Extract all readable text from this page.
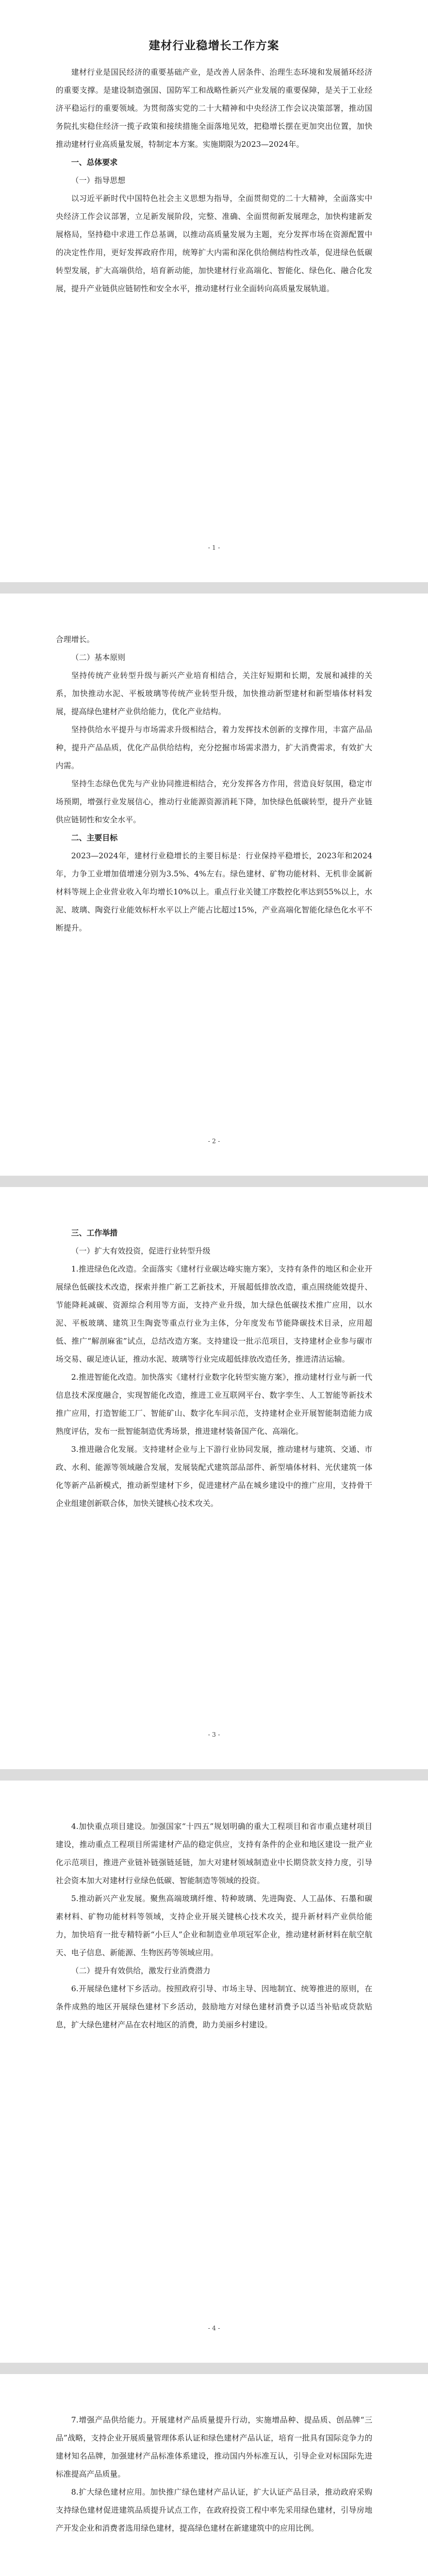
建材行业稳增长工作方案

建材行业是国民经济的重要基础产业，是改善人居条件、治理生态环境和发展循环经济的重要支撑。是建设制造强国、国防军工和战略性新兴产业发展的重要保障，是关于工业经济平稳运行的重要领域。为贯彻落实党的二十大精神和中央经济工作会议决策部署，推动国务院扎实稳住经济一揽子政策和接续措施全面落地见效，把稳增长摆在更加突出位置，加快推动建材行业高质量发展，特制定本方案。实施期限为2023—2024年。

一、总体要求
（一）指导思想

以习近平新时代中国特色社会主义思想为指导，全面贯彻党的二十大精神，全面落实中央经济工作会议部署，立足新发展阶段，完整、准确、全面贯彻新发展理念，加快构建新发展格局，坚持稳中求进工作总基调，以推动高质量发展为主题，充分发挥市场在资源配置中的决定性作用，更好发挥政府作用，统筹扩大内需和深化供给侧结构性改革，促进绿色低碳转型发展，扩大高端供给，培育新动能，加快建材行业高端化、智能化、绿色化、融合化发展，提升产业链供应链韧性和安全水平，推动建材行业全面转向高质量发展轨道。

- 1 -

合理增长。

（二）基本原则

坚持传统产业转型升级与新兴产业培育相结合，关注好短期和长期，发展和减排的关系，加快推动水泥、平板玻璃等传统产业转型升级，加快推动新型建材和新型墙体材料发展，提高绿色建材产业供给能力，优化产业结构。

坚持供给水平提升与市场需求升级相结合，着力发挥技术创新的支撑作用，丰富产品品种，提升产品品质，优化产品供给结构，充分挖掘市场需求潜力，扩大消费需求，有效扩大内需。

坚持生态绿色优先与产业协同推进相结合，充分发挥各方作用，营造良好氛围，稳定市场预期，增强行业发展信心，推动行业能源资源消耗下降，加快绿色低碳转型，提升产业链供应链韧性和安全水平。

二、主要目标

2023—2024年，建材行业稳增长的主要目标是：行业保持平稳增长，2023年和2024年，力争工业增加值增速分别为3.5%、4%左右。绿色建材、矿物功能材料、无机非金属新材料等规上企业营业收入年均增长10%以上。重点行业关键工序数控化率达到55%以上，水泥、玻璃、陶瓷行业能效标杆水平以上产能占比超过15%，产业高端化智能化绿色化水平不断提升。

- 2 -
三、工作举措
（一）扩大有效投资，促进行业转型升级

1.推进绿色化改造。全面落实《建材行业碳达峰实施方案》，支持有条件的地区和企业开展绿色低碳技术改造，探索并推广新工艺新技术，开展超低排放改造，重点围绕能效提升、节能降耗减碳、资源综合利用等方面，支持产业升级，加大绿色低碳技术推广应用，以水泥、平板玻璃、建筑卫生陶瓷等重点行业为主体，分年度发布节能降碳技术目录，应用超低、推广“解剖麻雀”试点，总结改造方案。支持建设一批示范项目，支持建材企业参与碳市场交易、碳足迹认证，推动水泥、玻璃等行业完成超低排放改造任务，推进清洁运输。

2.推进智能化改造。加快落实《建材行业数字化转型实施方案》，推动建材行业与新一代信息技术深度融合，实现智能化改造，推进工业互联网平台、数字孪生、人工智能等新技术推广应用，打造智能工厂、智能矿山、数字化车间示范，支持建材企业开展智能制造能力成熟度评估，发布一批智能制造优秀场景，推进建材装备国产化、高端化。

3.推进融合化发展。支持建材企业与上下游行业协同发展，推动建材与建筑、交通、市政、水利、能源等领域融合发展，发展装配式建筑部品部件、新型墙体材料、光伏建筑一体化等新产品新模式，推动新型建材下乡，促进建材产品在城乡建设中的推广应用，支持骨干企业组建创新联合体，加快关键核心技术攻关。

- 3 -

4.加快重点项目建设。加强国家“十四五”规划明确的重大工程项目和省市重点建材项目建设，推动重点工程项目所需建材产品的稳定供应，支持有条件的企业和地区建设一批产业化示范项目，推进产业链补链强链延链，加大对建材领域制造业中长期贷款支持力度，引导社会资本加大对建材行业绿色低碳、智能制造等领域的投资。

5.推动新兴产业发展。聚焦高端玻璃纤维、特种玻璃、先进陶瓷、人工晶体、石墨和碳素材料、矿物功能材料等领域，支持企业开展关键核心技术攻关，提升新材料产业供给能力，加快培育一批专精特新“小巨人”企业和制造业单项冠军企业，推动建材新材料在航空航天、电子信息、新能源、生物医药等领域应用。

（二）提升有效供给，激发行业消费潜力

6.开展绿色建材下乡活动。按照政府引导、市场主导、因地制宜、统筹推进的原则，在条件成熟的地区开展绿色建材下乡活动，鼓励地方对绿色建材消费予以适当补贴或贷款贴息，扩大绿色建材产品在农村地区的消费，助力美丽乡村建设。

- 4 -

7.增强产品供给能力。开展建材产品质量提升行动，实施增品种、提品质、创品牌“三品”战略，支持企业开展质量管理体系认证和绿色建材产品认证，培育一批具有国际竞争力的建材知名品牌，加强建材产品标准体系建设，推动国内外标准互认，引导企业对标国际先进标准提高产品质量。

8.扩大绿色建材应用。加快推广绿色建材产品认证，扩大认证产品目录，推动政府采购支持绿色建材促进建筑品质提升试点工作，在政府投资工程中率先采用绿色建材，引导房地产开发企业和消费者选用绿色建材，提高绿色建材在新建建筑中的应用比例。
